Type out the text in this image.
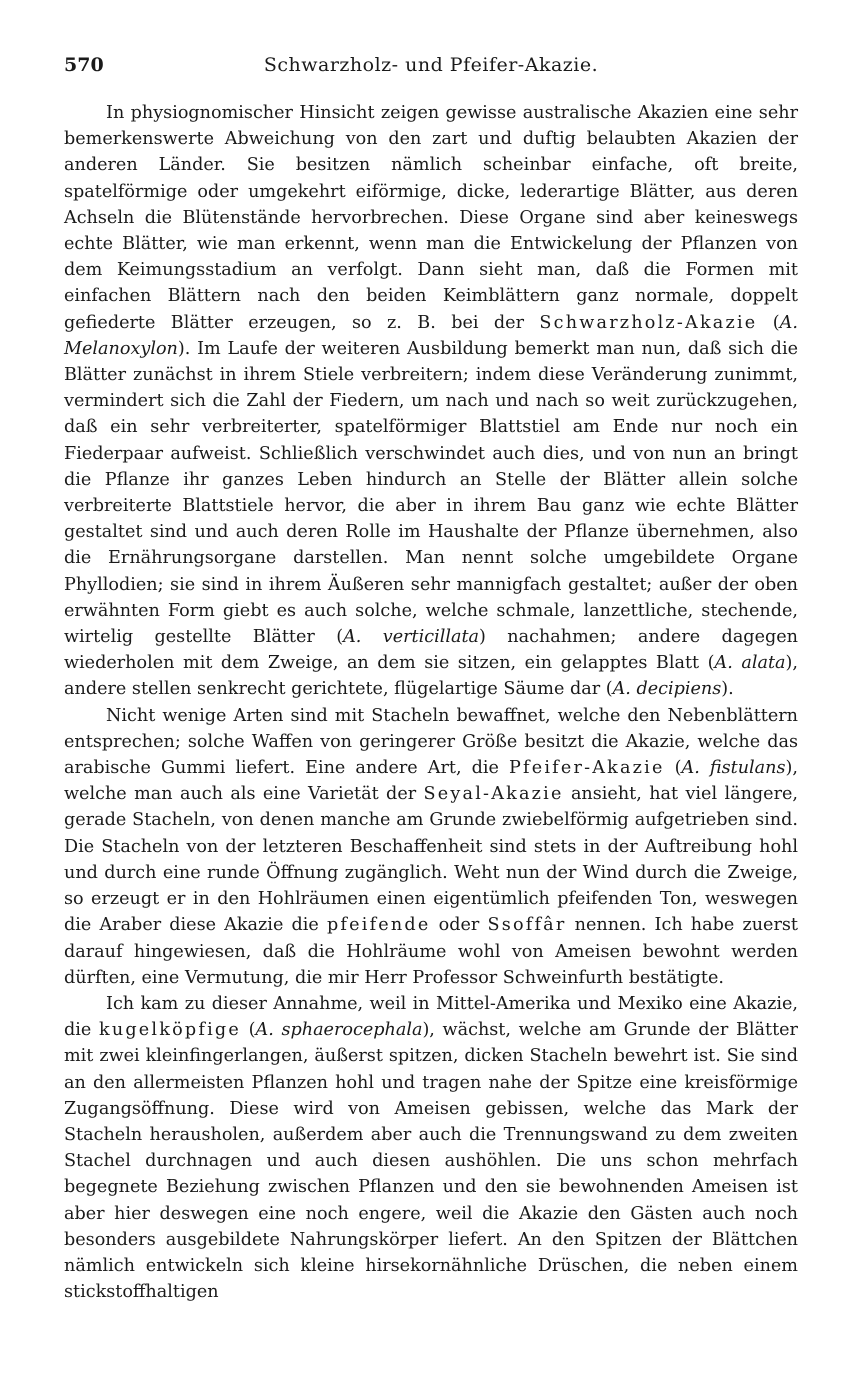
570	Schwarzholz- und Pfeifer-Akazie.

In physiognomischer Hinsicht zeigen gewisse australische Akazien eine sehr bemerkenswerte Abweichung von den zart und duftig belaubten Akazien der anderen Länder. Sie besitzen nämlich scheinbar einfache, oft breite, spatelförmige oder umgekehrt eiförmige, dicke, lederartige Blätter, aus deren Achseln die Blütenstände hervorbrechen. Diese Organe sind aber keineswegs echte Blätter, wie man erkennt, wenn man die Entwickelung der Pflanzen von dem Keimungsstadium an verfolgt. Dann sieht man, daß die Formen mit einfachen Blättern nach den beiden Keimblättern ganz normale, doppelt gefiederte Blätter erzeugen, so z. B. bei der Schwarzholz-Akazie (A. Melanoxylon). Im Laufe der weiteren Ausbildung bemerkt man nun, daß sich die Blätter zunächst in ihrem Stiele verbreitern; indem diese Veränderung zunimmt, vermindert sich die Zahl der Fiedern, um nach und nach so weit zurückzugehen, daß ein sehr verbreiterter, spatelförmiger Blattstiel am Ende nur noch ein Fiederpaar aufweist. Schließlich verschwindet auch dies, und von nun an bringt die Pflanze ihr ganzes Leben hindurch an Stelle der Blätter allein solche verbreiterte Blattstiele hervor, die aber in ihrem Bau ganz wie echte Blätter gestaltet sind und auch deren Rolle im Haushalte der Pflanze übernehmen, also die Ernährungsorgane darstellen. Man nennt solche umgebildete Organe Phyllodien; sie sind in ihrem Äußeren sehr mannigfach gestaltet; außer der oben erwähnten Form giebt es auch solche, welche schmale, lanzettliche, stechende, wirtelig gestellte Blätter (A. verticillata) nachahmen; andere dagegen wiederholen mit dem Zweige, an dem sie sitzen, ein gelapptes Blatt (A. alata), andere stellen senkrecht gerichtete, flügelartige Säume dar (A. decipiens).

Nicht wenige Arten sind mit Stacheln bewaffnet, welche den Nebenblättern entsprechen; solche Waffen von geringerer Größe besitzt die Akazie, welche das arabische Gummi liefert. Eine andere Art, die Pfeifer-Akazie (A. fistulans), welche man auch als eine Varietät der Seyal-Akazie ansieht, hat viel längere, gerade Stacheln, von denen manche am Grunde zwiebelförmig aufgetrieben sind. Die Stacheln von der letzteren Beschaffenheit sind stets in der Auftreibung hohl und durch eine runde Öffnung zugänglich. Weht nun der Wind durch die Zweige, so erzeugt er in den Hohlräumen einen eigentümlich pfeifenden Ton, weswegen die Araber diese Akazie die pfeifende oder Ssoffâr nennen. Ich habe zuerst darauf hingewiesen, daß die Hohlräume wohl von Ameisen bewohnt werden dürften, eine Vermutung, die mir Herr Professor Schweinfurth bestätigte.

Ich kam zu dieser Annahme, weil in Mittel-Amerika und Mexiko eine Akazie, die kugelköpfige (A. sphaerocephala), wächst, welche am Grunde der Blätter mit zwei kleinfingerlangen, äußerst spitzen, dicken Stacheln bewehrt ist. Sie sind an den allermeisten Pflanzen hohl und tragen nahe der Spitze eine kreisförmige Zugangsöffnung. Diese wird von Ameisen gebissen, welche das Mark der Stacheln herausholen, außerdem aber auch die Trennungswand zu dem zweiten Stachel durchnagen und auch diesen aushöhlen. Die uns schon mehrfach begegnete Beziehung zwischen Pflanzen und den sie bewohnenden Ameisen ist aber hier deswegen eine noch engere, weil die Akazie den Gästen auch noch besonders ausgebildete Nahrungskörper liefert. An den Spitzen der Blättchen nämlich entwickeln sich kleine hirsekornähnliche Drüschen, die neben einem stickstoffhaltigen
